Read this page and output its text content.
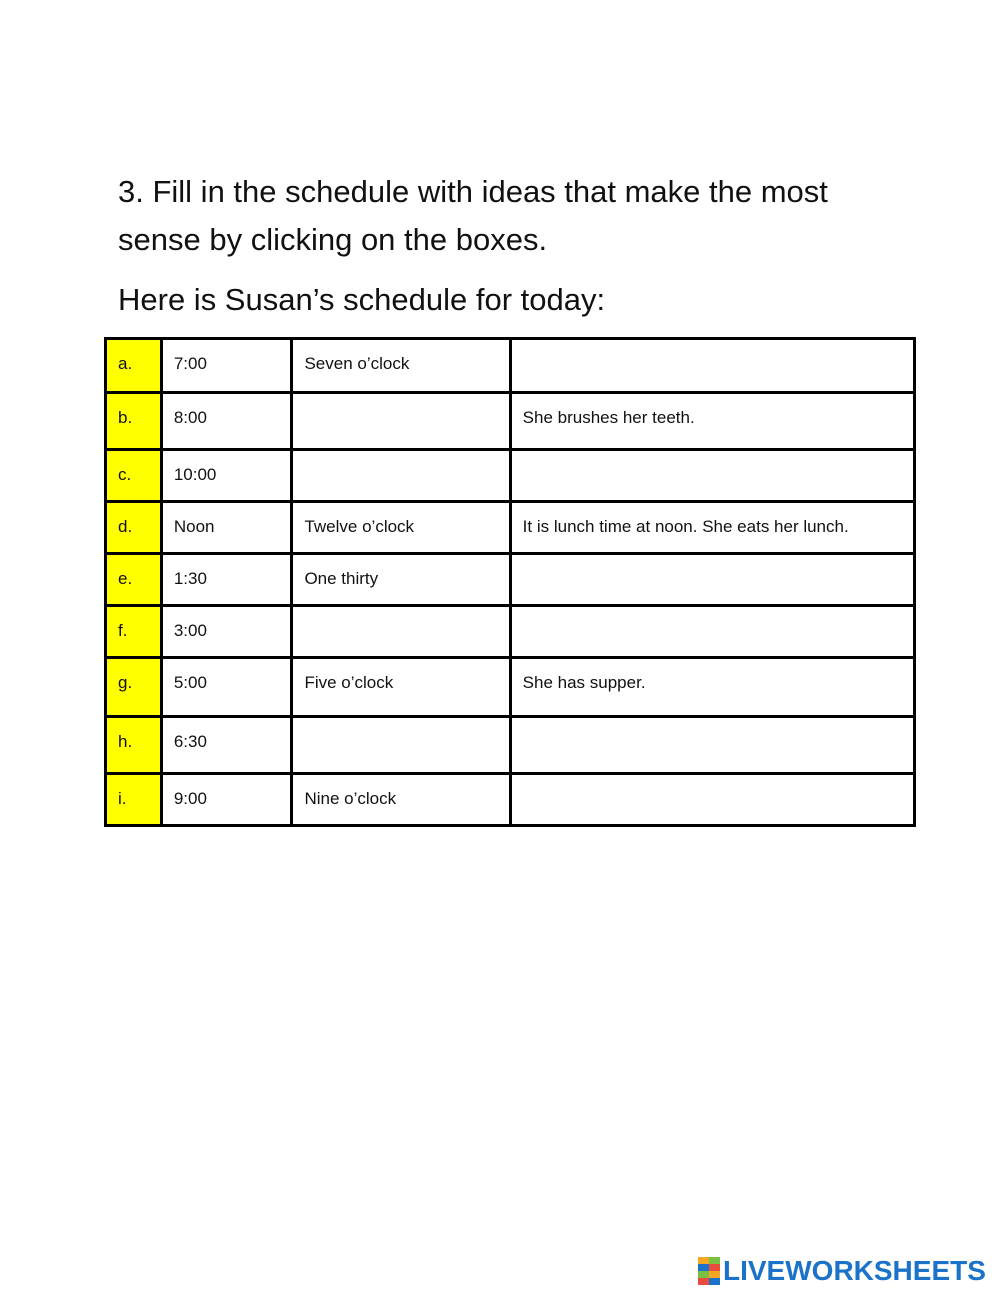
3. Fill in the schedule with ideas that make the most sense by clicking on the boxes.

Here is Susan’s schedule for today:

a.	7:00	Seven o’clock	
b.	8:00		She brushes her teeth.
c.	10:00		
d.	Noon	Twelve o’clock	It is lunch time at noon. She eats her lunch.
e.	1:30	One thirty	
f.	3:00		
g.	5:00	Five o’clock	She has supper.
h.	6:30		
i.	9:00	Nine o’clock	
LIVEWORKSHEETS
